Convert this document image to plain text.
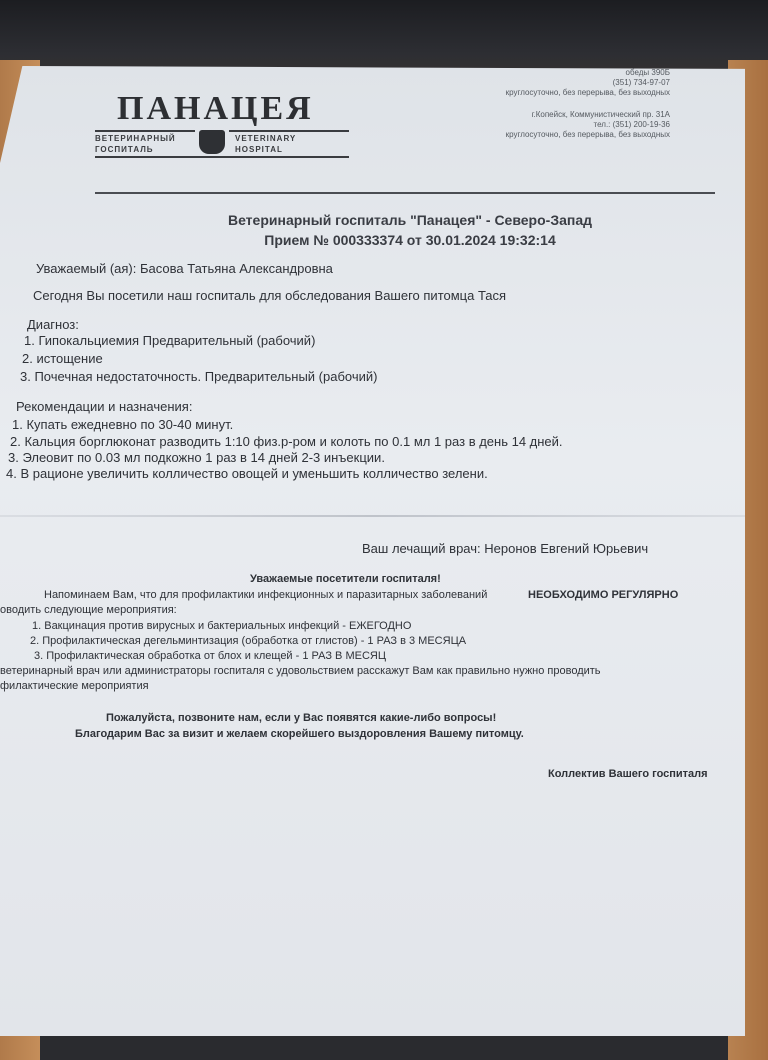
ПАНАЦЕЯ
ВЕТЕРИНАРНЫЙ
ГОСПИТАЛЬ
VETERINARY
HOSPITAL
обеды 390Б
(351) 734-97-07
круглосуточно, без перерыва, без выходных
г.Копейск, Коммунистический пр. 31А
тел.: (351) 200-19-36
круглосуточно, без перерыва, без выходных
Ветеринарный госпиталь "Панацея" - Северо-Запад
Прием № 000333374 от 30.01.2024 19:32:14
Уважаемый (ая): Басова Татьяна Александровна
Сегодня Вы посетили наш госпиталь для обследования Вашего питомца Тася
Диагноз:
1. Гипокальциемия Предварительный (рабочий)
2. истощение
3. Почечная недостаточность. Предварительный (рабочий)
Рекомендации и назначения:
1. Купать ежедневно по 30-40 минут.
2. Кальция борглюконат разводить 1:10 физ.р-ром и колоть по 0.1 мл 1 раз в день 14 дней.
3. Элеовит по 0.03 мл подкожно 1 раз в 14 дней 2-3 инъекции.
4. В рационе увеличить колличество овощей и уменьшить колличество зелени.
Ваш лечащий врач: Неронов Евгений Юрьевич
Уважаемые посетители госпиталя!
Напоминаем Вам, что для профилактики инфекционных и паразитарных заболеваний	НЕОБХОДИМО РЕГУЛЯРНО
оводить следующие мероприятия:
1. Вакцинация против вирусных и бактериальных инфекций - ЕЖЕГОДНО
2. Профилактическая дегельминтизация (обработка от глистов) - 1 РАЗ в 3 МЕСЯЦА
3. Профилактическая обработка от блох и клещей - 1 РАЗ В МЕСЯЦ
ветеринарный врач или администраторы госпиталя с удовольствием расскажут Вам как правильно нужно проводить
филактические мероприятия
Пожалуйста, позвоните нам, если у Вас появятся какие-либо вопросы!
Благодарим Вас за визит и желаем скорейшего выздоровления Вашему питомцу.
Коллектив Вашего госпиталя
